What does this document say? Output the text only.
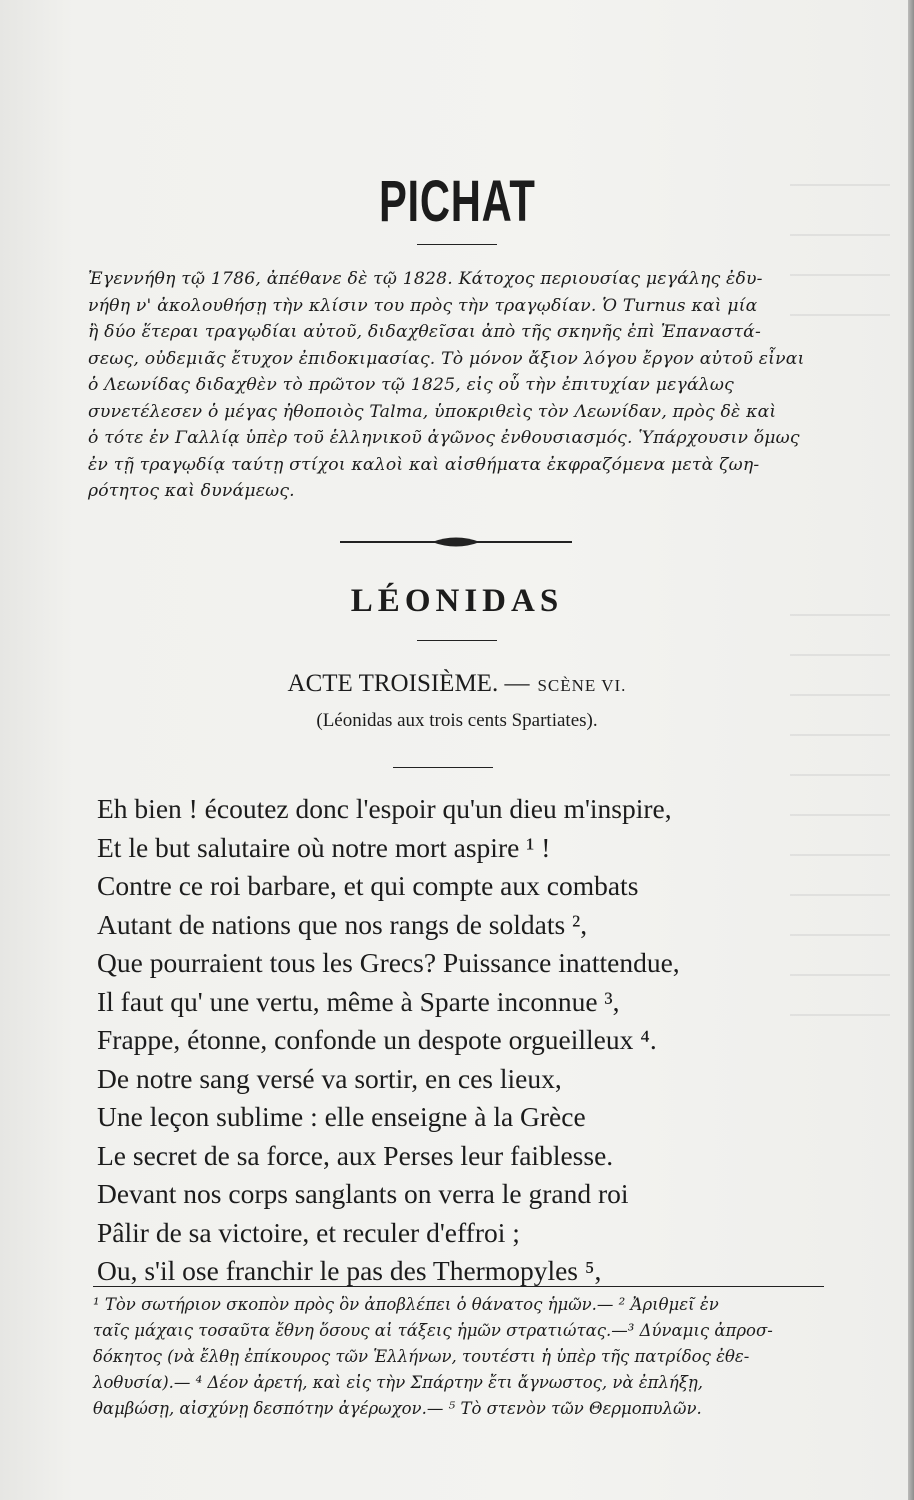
PICHAT
Ἐγεννήθη τῷ 1786, ἀπέθανε δὲ τῷ 1828. Κάτοχος περιουσίας μεγάλης ἐδυ-
νήθη ν' ἀκολουθήσῃ τὴν κλίσιν του πρὸς τὴν τραγῳδίαν. Ὁ Turnus καὶ μία
ἢ δύο ἕτεραι τραγῳδίαι αὐτοῦ, διδαχθεῖσαι ἀπὸ τῆς σκηνῆς ἐπὶ Ἐπαναστά-
σεως, οὐδεμιᾶς ἔτυχον ἐπιδοκιμασίας. Τὸ μόνον ἄξιον λόγου ἔργον αὐτοῦ εἶναι
ὁ Λεωνίδας διδαχθὲν τὸ πρῶτον τῷ 1825, εἰς οὗ τὴν ἐπιτυχίαν μεγάλως
συνετέλεσεν ὁ μέγας ἠθοποιὸς Talma, ὑποκριθεὶς τὸν Λεωνίδαν, πρὸς δὲ καὶ
ὁ τότε ἐν Γαλλίᾳ ὑπὲρ τοῦ ἑλληνικοῦ ἀγῶνος ἐνθουσιασμός. Ὑπάρχουσιν ὅμως
ἐν τῇ τραγῳδίᾳ ταύτῃ στίχοι καλοὶ καὶ αἰσθήματα ἐκφραζόμενα μετὰ ζωη-
ρότητος καὶ δυνάμεως.
LÉONIDAS
ACTE TROISIÈME. — SCÈNE VI.
(Léonidas aux trois cents Spartiates).
Eh bien ! écoutez donc l'espoir qu'un dieu m'inspire,
Et le but salutaire où notre mort aspire ¹ !
Contre ce roi barbare, et qui compte aux combats
Autant de nations que nos rangs de soldats ²,
Que pourraient tous les Grecs? Puissance inattendue,
Il faut qu' une vertu, même à Sparte inconnue ³,
Frappe, étonne, confonde un despote orgueilleux ⁴.
De notre sang versé va sortir, en ces lieux,
Une leçon sublime : elle enseigne à la Grèce
Le secret de sa force, aux Perses leur faiblesse.
Devant nos corps sanglants on verra le grand roi
Pâlir de sa victoire, et reculer d'effroi ;
Ou, s'il ose franchir le pas des Thermopyles ⁵,
¹ Τὸν σωτήριον σκοπὸν πρὸς ὃν ἀποβλέπει ὁ θάνατος ἡμῶν.— ² Ἀριθμεῖ ἐν
ταῖς μάχαις τοσαῦτα ἔθνη ὅσους αἱ τάξεις ἡμῶν στρατιώτας.—³ Δύναμις ἀπροσ-
δόκητος (νὰ ἔλθῃ ἐπίκουρος τῶν Ἑλλήνων, τουτέστι ἡ ὑπὲρ τῆς πατρίδος ἐθε-
λοθυσία).— ⁴ Δέον ἀρετή, καὶ εἰς τὴν Σπάρτην ἔτι ἄγνωστος, νὰ ἐπλήξῃ,
θαμβώσῃ, αἰσχύνῃ δεσπότην ἀγέρωχον.— ⁵ Τὸ στενὸν τῶν Θερμοπυλῶν.
